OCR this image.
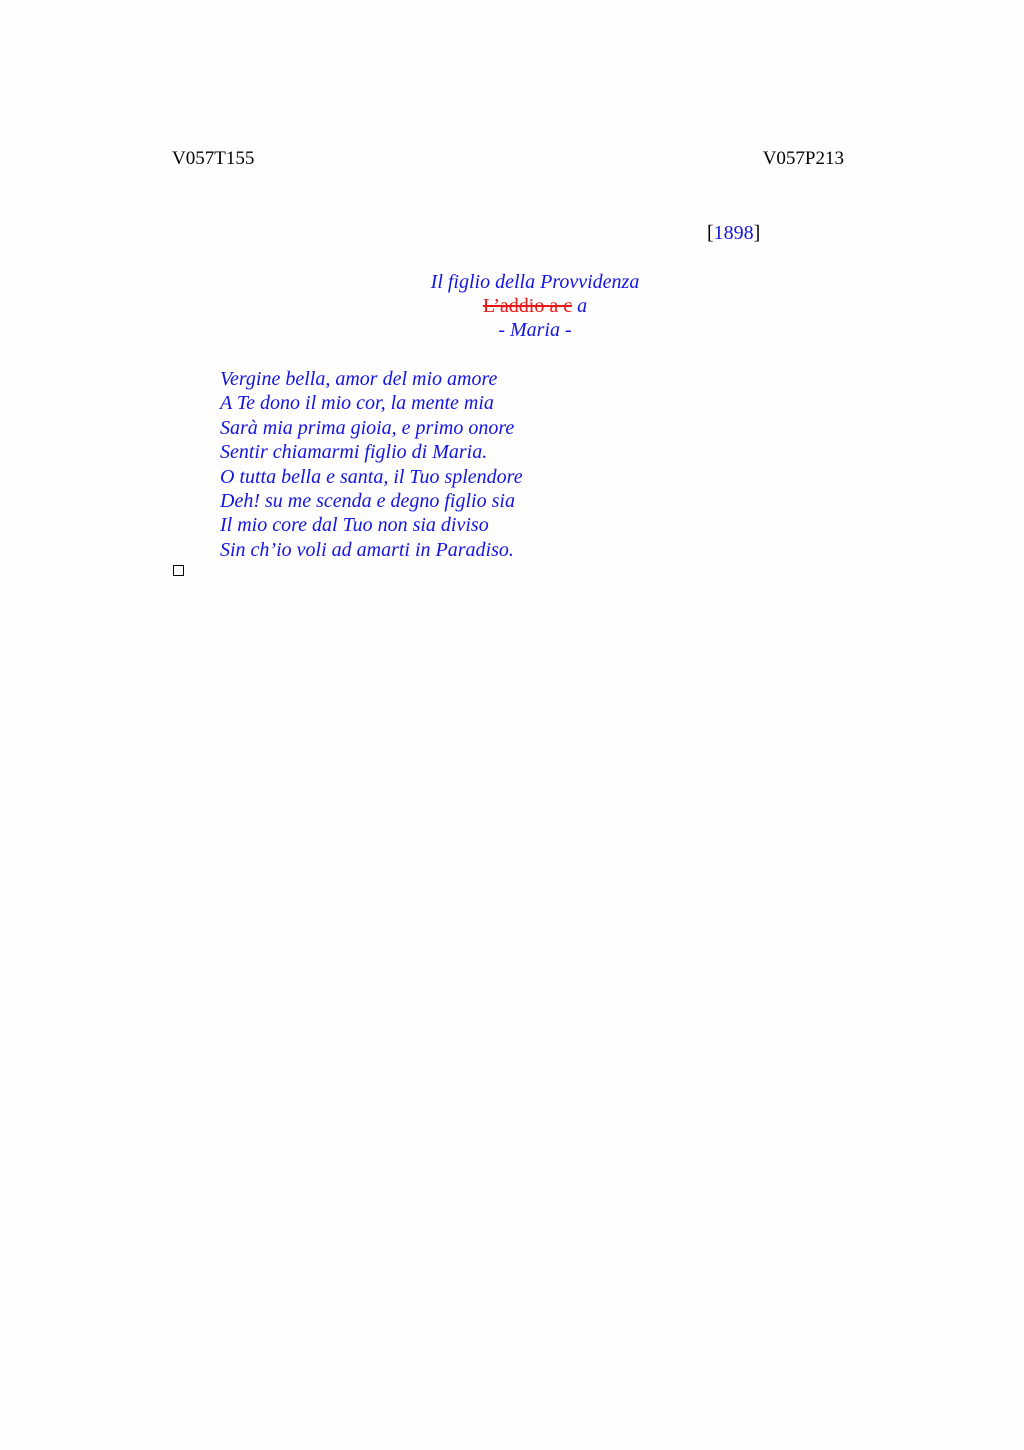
V057T155	V057P213
[1898]
Il figlio della Provvidenza
L’addio a c a
- Maria -
Vergine bella, amor del mio amore
A Te dono il mio cor, la mente mia
Sarà mia prima gioia, e primo onore
Sentir chiamarmi figlio di Maria.
O tutta bella e santa, il Tuo splendore
Deh! su me scenda e degno figlio sia
Il mio core dal Tuo non sia diviso
Sin ch’io voli ad amarti in Paradiso.
